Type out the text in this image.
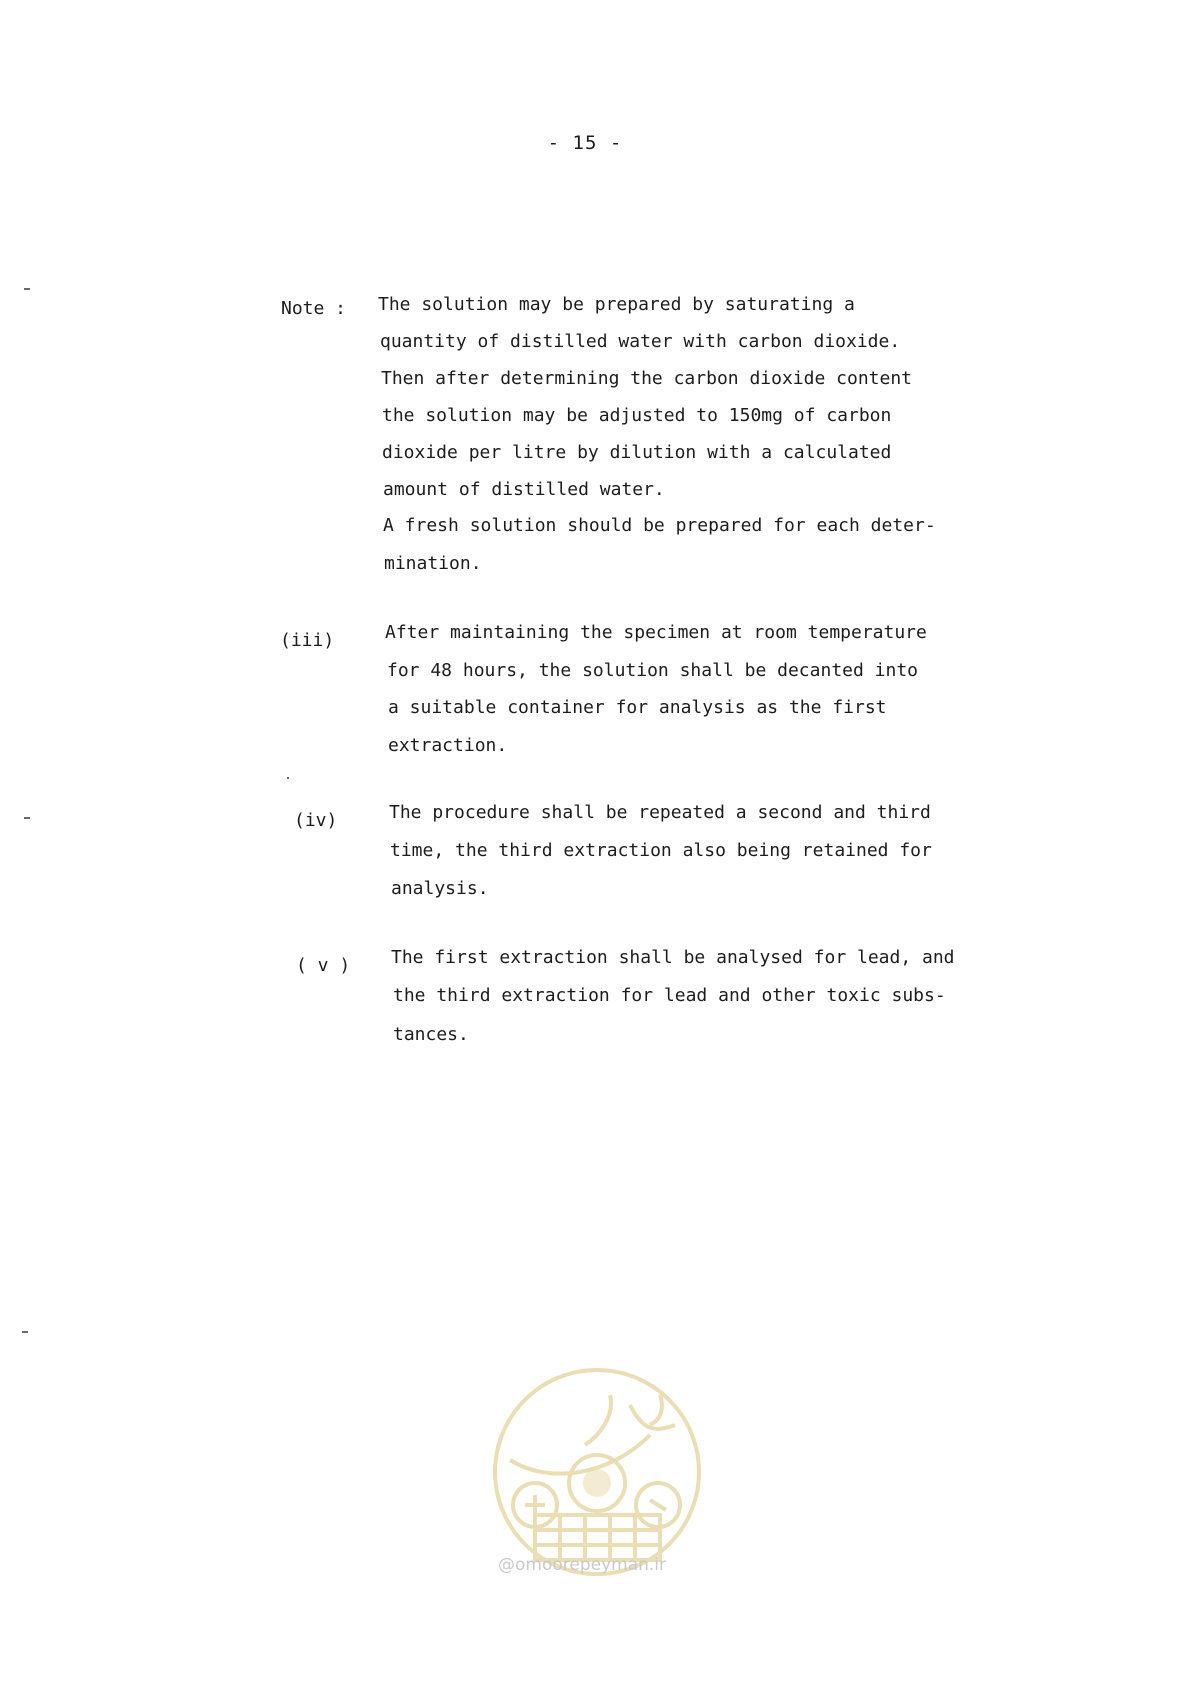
- 15 -
Note : The solution may be prepared by saturating a
quantity of distilled water with carbon dioxide.
Then after determining the carbon dioxide content
the solution may be adjusted to 150mg of carbon
dioxide per litre by dilution with a calculated
amount of distilled water.
A fresh solution should be prepared for each deter-
mination.
(iii)	After maintaining the specimen at room temperature
for 48 hours, the solution shall be decanted into
a suitable container for analysis as the first
extraction.
(iv)	The procedure shall be repeated a second and third
time, the third extraction also being retained for
analysis.
( v ) The first extraction shall be analysed for lead, and
the third extraction for lead and other toxic subs-
tances.
@omoorepeyman.ir
